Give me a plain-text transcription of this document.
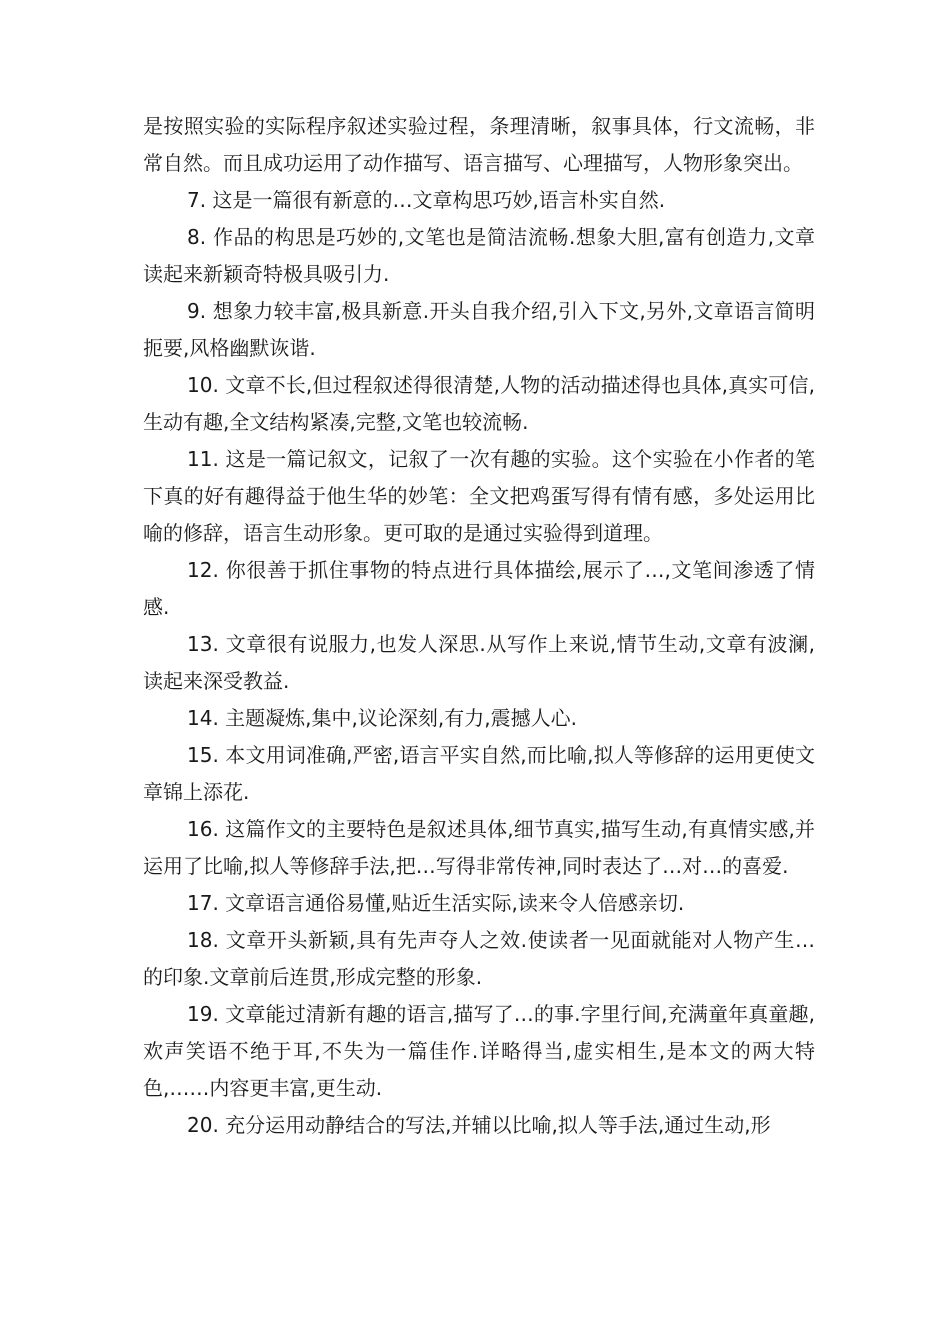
是按照实验的实际程序叙述实验过程，条理清晰，叙事具体，行文流畅，非常自然。而且成功运用了动作描写、语言描写、心理描写，人物形象突出。

7. 这是一篇很有新意的…文章构思巧妙,语言朴实自然.

8. 作品的构思是巧妙的,文笔也是简洁流畅.想象大胆,富有创造力,文章读起来新颖奇特极具吸引力.

9. 想象力较丰富,极具新意.开头自我介绍,引入下文,另外,文章语言简明扼要,风格幽默诙谐.

10. 文章不长,但过程叙述得很清楚,人物的活动描述得也具体,真实可信,生动有趣,全文结构紧凑,完整,文笔也较流畅.

11. 这是一篇记叙文，记叙了一次有趣的实验。这个实验在小作者的笔下真的好有趣得益于他生华的妙笔：全文把鸡蛋写得有情有感，多处运用比喻的修辞，语言生动形象。更可取的是通过实验得到道理。

12. 你很善于抓住事物的特点进行具体描绘,展示了…,文笔间渗透了情感.

13. 文章很有说服力,也发人深思.从写作上来说,情节生动,文章有波澜,读起来深受教益.

14. 主题凝炼,集中,议论深刻,有力,震撼人心.

15. 本文用词准确,严密,语言平实自然,而比喻,拟人等修辞的运用更使文章锦上添花.

16. 这篇作文的主要特色是叙述具体,细节真实,描写生动,有真情实感,并运用了比喻,拟人等修辞手法,把…写得非常传神,同时表达了…对…的喜爱.

17. 文章语言通俗易懂,贴近生活实际,读来令人倍感亲切.

18. 文章开头新颖,具有先声夺人之效.使读者一见面就能对人物产生…的印象.文章前后连贯,形成完整的形象.

19. 文章能过清新有趣的语言,描写了…的事.字里行间,充满童年真童趣,欢声笑语不绝于耳,不失为一篇佳作.详略得当,虚实相生,是本文的两大特色,……内容更丰富,更生动.

20. 充分运用动静结合的写法,并辅以比喻,拟人等手法,通过生动,形
